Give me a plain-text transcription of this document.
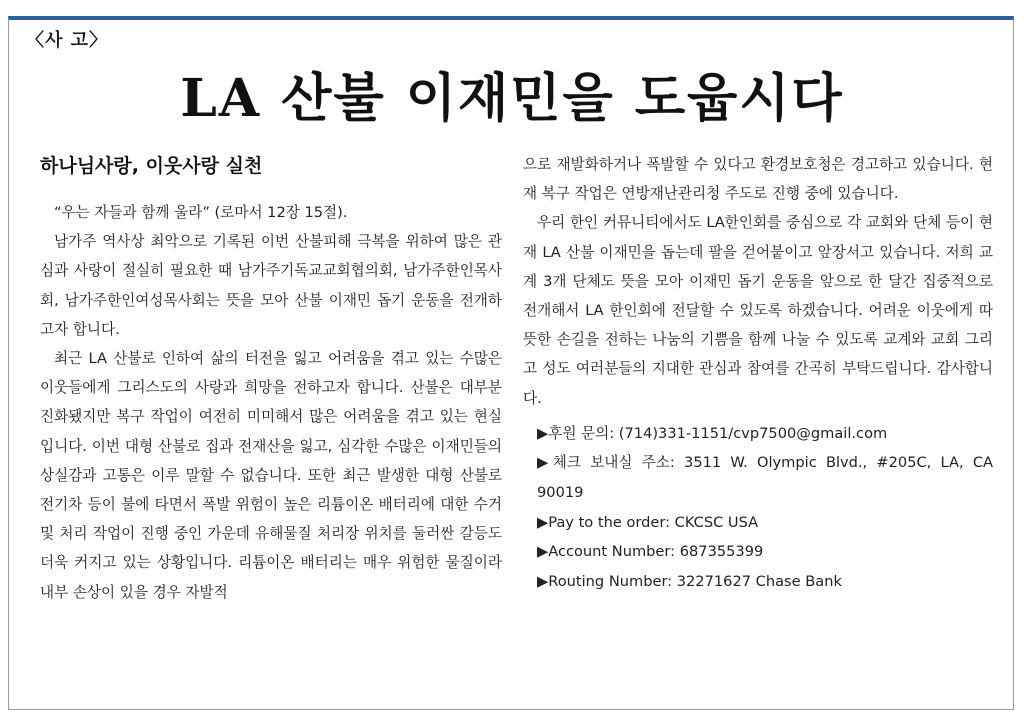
〈사 고〉
LA 산불 이재민을 도웁시다
하나님사랑, 이웃사랑 실천

“우는 자들과 함께 울라” (로마서 12장 15절).

남가주 역사상 최악으로 기록된 이번 산불피해 극복을 위하여 많은 관심과 사랑이 절실히 필요한 때 남가주기독교교회협의회, 남가주한인목사회, 남가주한인여성목사회는 뜻을 모아 산불 이재민 돕기 운동을 전개하고자 합니다.

최근 LA 산불로 인하여 삶의 터전을 잃고 어려움을 겪고 있는 수많은 이웃들에게 그리스도의 사랑과 희망을 전하고자 합니다. 산불은 대부분 진화됐지만 복구 작업이 여전히 미미해서 많은 어려움을 겪고 있는 현실입니다. 이번 대형 산불로 집과 전재산을 잃고, 심각한 수많은 이재민들의 상실감과 고통은 이루 말할 수 없습니다. 또한 최근 발생한 대형 산불로 전기차 등이 불에 타면서 폭발 위험이 높은 리튬이온 배터리에 대한 수거 및 처리 작업이 진행 중인 가운데 유해물질 처리장 위치를 둘러싼 갈등도 더욱 커지고 있는 상황입니다. 리튬이온 배터리는 매우 위험한 물질이라 내부 손상이 있을 경우 자발적

으로 재발화하거나 폭발할 수 있다고 환경보호청은 경고하고 있습니다. 현재 복구 작업은 연방재난관리청 주도로 진행 중에 있습니다.

우리 한인 커뮤니티에서도 LA한인회를 중심으로 각 교회와 단체 등이 현재 LA 산불 이재민을 돕는데 팔을 걷어붙이고 앞장서고 있습니다. 저희 교계 3개 단체도 뜻을 모아 이재민 돕기 운동을 앞으로 한 달간 집중적으로 전개해서 LA 한인회에 전달할 수 있도록 하겠습니다. 어려운 이웃에게 따뜻한 손길을 전하는 나눔의 기쁨을 함께 나눌 수 있도록 교계와 교회 그리고 성도 여러분들의 지대한 관심과 참여를 간곡히 부탁드립니다. 감사합니다.

▶후원 문의: (714)331-1151/cvp7500@gmail.com
▶체크 보내실 주소: 3511 W. Olympic Blvd., #205C, LA, CA 90019
▶Pay to the order: CKCSC USA
▶Account Number: 687355399
▶Routing Number: 32271627 Chase Bank
